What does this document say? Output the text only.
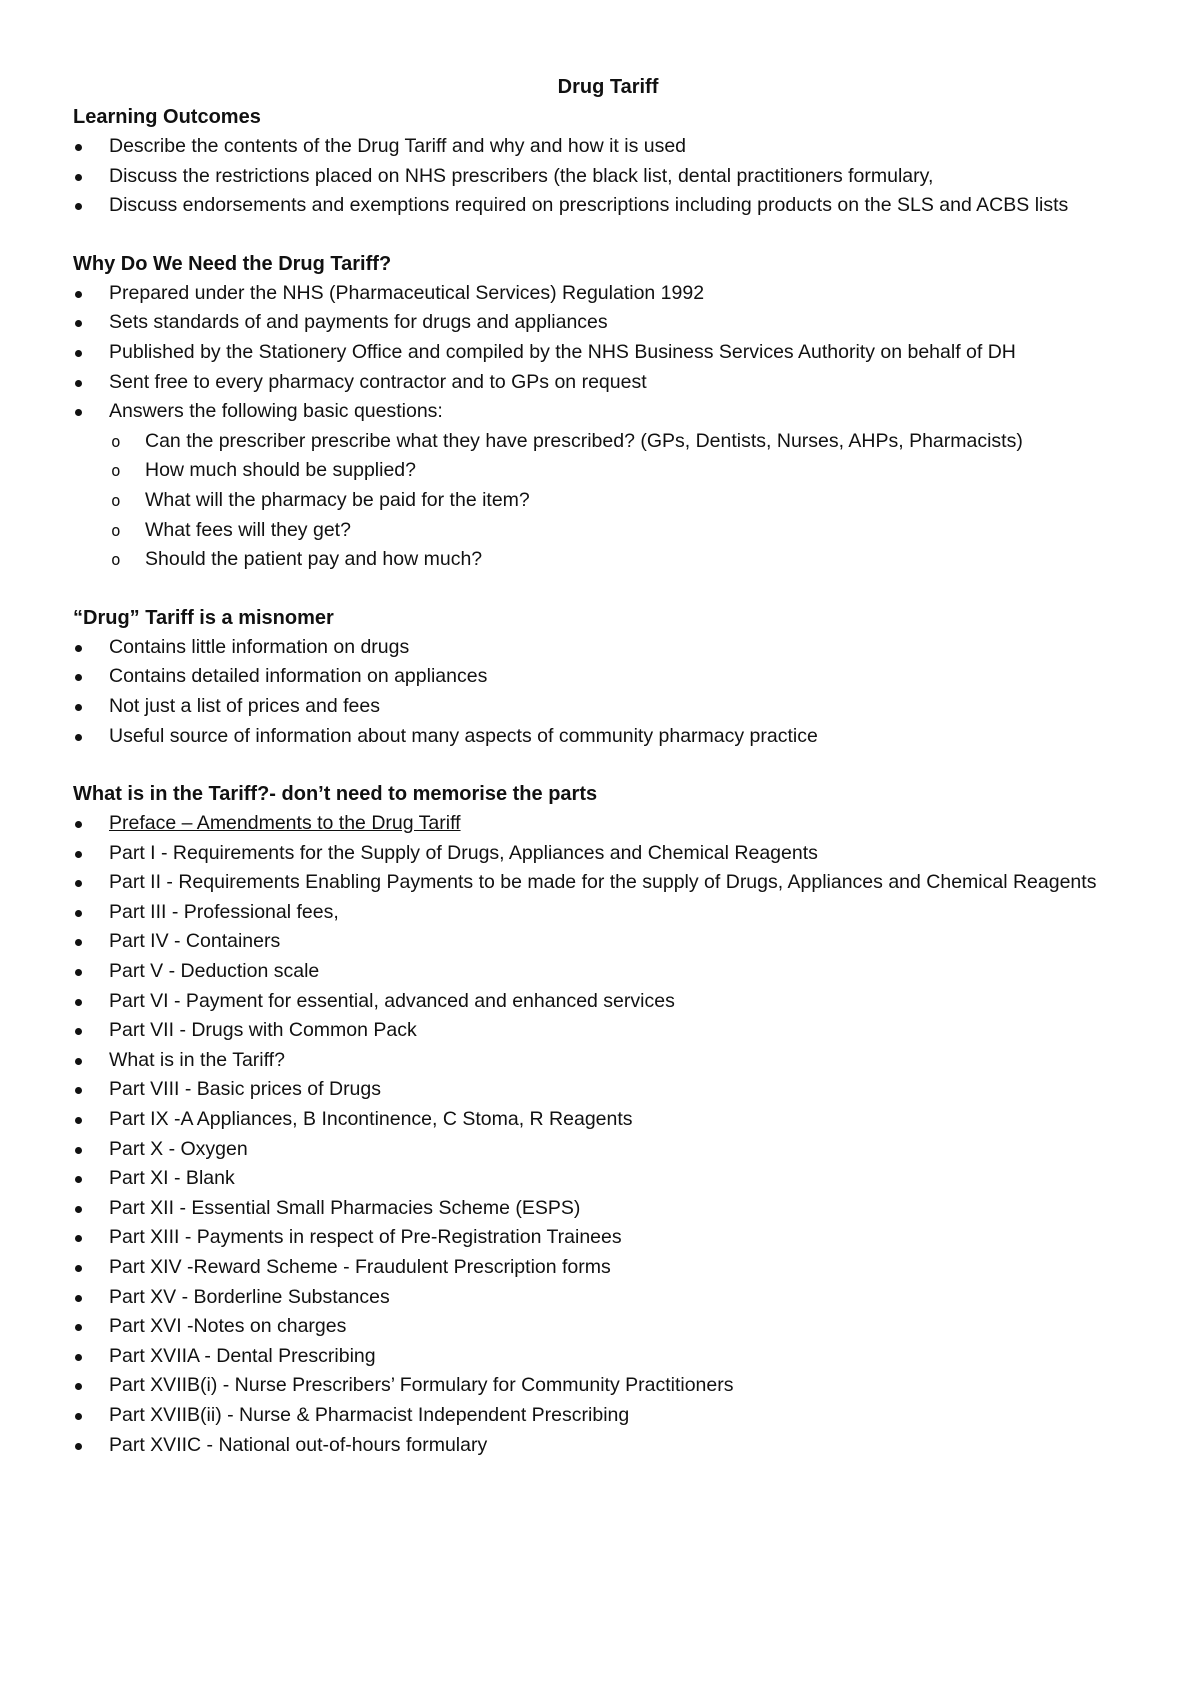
Drug Tariff
Learning Outcomes
Describe the contents of the Drug Tariff and why and how it is used
Discuss the restrictions placed on NHS prescribers (the black list, dental practitioners formulary,
Discuss endorsements and exemptions required on prescriptions including products on the SLS and ACBS lists
Why Do We Need the Drug Tariff?
Prepared under the NHS (Pharmaceutical Services) Regulation 1992
Sets standards of and payments for drugs and appliances
Published by the Stationery Office and compiled by the NHS Business Services Authority on behalf of DH
Sent free to every pharmacy contractor and to GPs on request
Answers the following basic questions:
o Can the prescriber prescribe what they have prescribed? (GPs, Dentists, Nurses, AHPs, Pharmacists)
o How much should be supplied?
o What will the pharmacy be paid for the item?
o What fees will they get?
o Should the patient pay and how much?
“Drug” Tariff is a misnomer
Contains little information on drugs
Contains detailed information on appliances
Not just a list of prices and fees
Useful source of information about many aspects of community pharmacy practice
What is in the Tariff?- don’t need to memorise the parts
Preface – Amendments to the Drug Tariff
Part I - Requirements for the Supply of Drugs, Appliances and Chemical Reagents
Part II - Requirements Enabling Payments to be made for the supply of Drugs, Appliances and Chemical Reagents
Part III - Professional fees,
Part IV - Containers
Part V - Deduction scale
Part VI - Payment for essential, advanced and enhanced services
Part VII - Drugs with Common Pack
What is in the Tariff?
Part VIII - Basic prices of Drugs
Part IX -A Appliances, B Incontinence, C Stoma, R Reagents
Part X - Oxygen
Part XI - Blank
Part XII - Essential Small Pharmacies Scheme (ESPS)
Part XIII - Payments in respect of Pre-Registration Trainees
Part XIV -Reward Scheme - Fraudulent Prescription forms
Part XV - Borderline Substances
Part XVI -Notes on charges
Part XVIIA - Dental Prescribing
Part XVIIB(i) - Nurse Prescribers’ Formulary for Community Practitioners
Part XVIIB(ii) - Nurse & Pharmacist Independent Prescribing
Part XVIIC - National out-of-hours formulary
